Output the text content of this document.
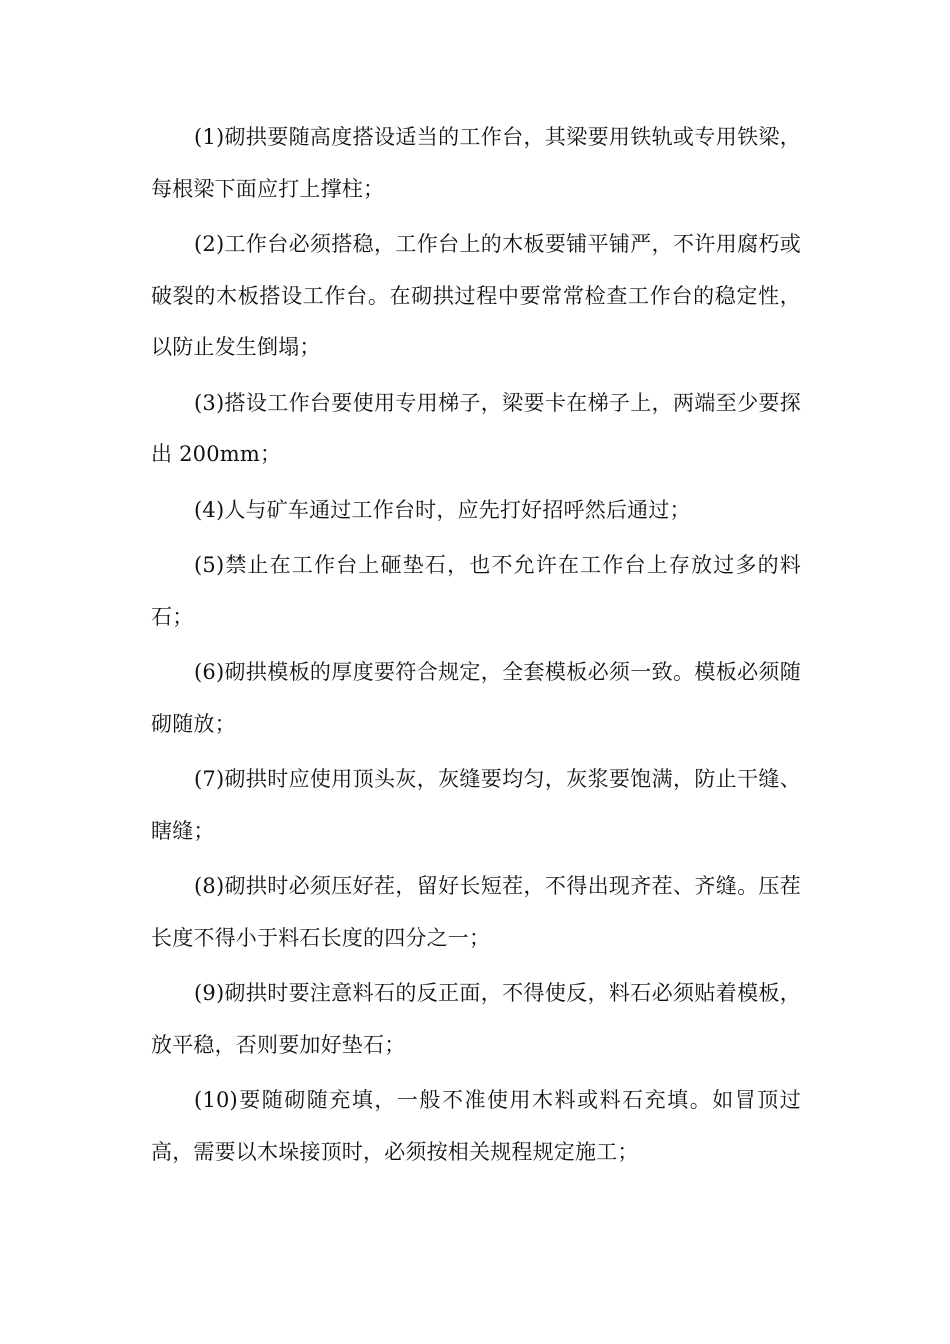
(1)砌拱要随高度搭设适当的工作台，其梁要用铁轨或专用铁梁，每根梁下面应打上撑柱；

(2)工作台必须搭稳，工作台上的木板要铺平铺严，不许用腐朽或破裂的木板搭设工作台。在砌拱过程中要常常检查工作台的稳定性，以防止发生倒塌；

(3)搭设工作台要使用专用梯子，梁要卡在梯子上，两端至少要探出 200mm；

(4)人与矿车通过工作台时，应先打好招呼然后通过；

(5)禁止在工作台上砸垫石，也不允许在工作台上存放过多的料石；

(6)砌拱模板的厚度要符合规定，全套模板必须一致。模板必须随砌随放；

(7)砌拱时应使用顶头灰，灰缝要均匀，灰浆要饱满，防止干缝、瞎缝；

(8)砌拱时必须压好茬，留好长短茬，不得出现齐茬、齐缝。压茬长度不得小于料石长度的四分之一；

(9)砌拱时要注意料石的反正面，不得使反，料石必须贴着模板，放平稳，否则要加好垫石；

(10)要随砌随充填，一般不准使用木料或料石充填。如冒顶过高，需要以木垛接顶时，必须按相关规程规定施工；
